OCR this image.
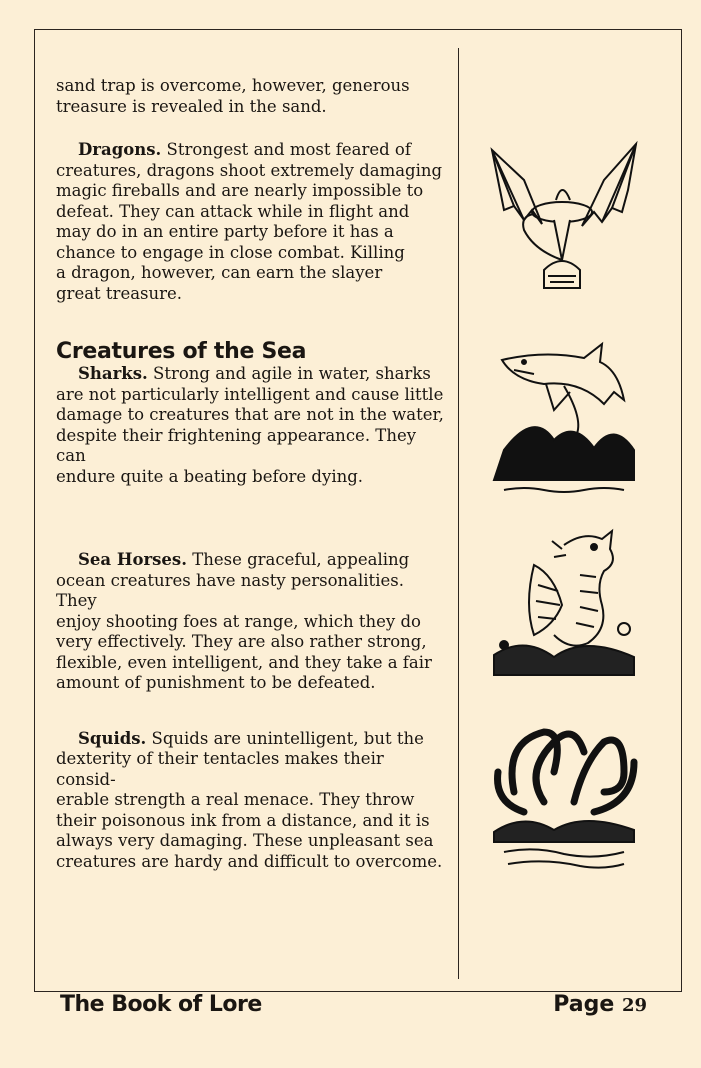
sand trap is overcome, however, generous
treasure is revealed in the sand.

Dragons. Strongest and most feared of
creatures, dragons shoot extremely damaging
magic fireballs and are nearly impossible to
defeat. They can attack while in flight and
may do in an entire party before it has a
chance to engage in close combat. Killing
a dragon, however, can earn the slayer
great treasure.

Creatures of the Sea

Sharks. Strong and agile in water, sharks
are not particularly intelligent and cause little
damage to creatures that are not in the water,
despite their frightening appearance. They can
endure quite a beating before dying.

Sea Horses. These graceful, appealing
ocean creatures have nasty personalities. They
enjoy shooting foes at range, which they do
very effectively. They are also rather strong,
flexible, even intelligent, and they take a fair
amount of punishment to be defeated.

Squids. Squids are unintelligent, but the
dexterity of their tentacles makes their consid-
erable strength a real menace. They throw
their poisonous ink from a distance, and it is
always very damaging. These unpleasant sea
creatures are hardy and difficult to overcome.

The Book of Lore	Page 29
